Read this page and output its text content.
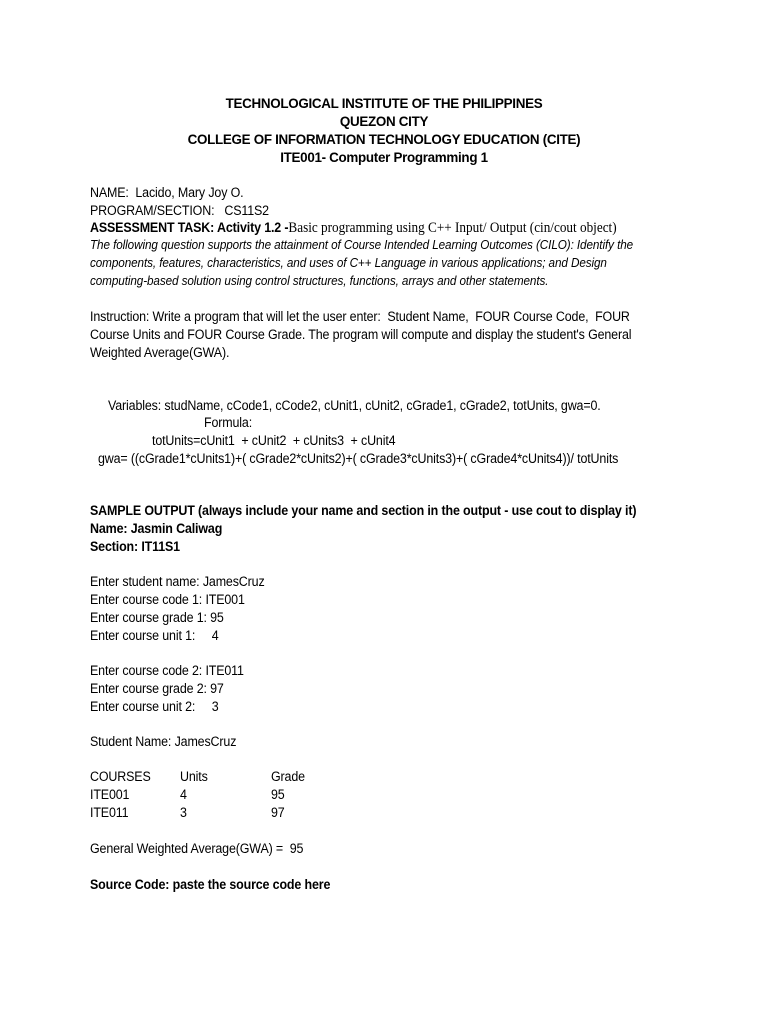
TECHNOLOGICAL INSTITUTE OF THE PHILIPPINES
QUEZON CITY
COLLEGE OF INFORMATION TECHNOLOGY EDUCATION (CITE)
ITE001- Computer Programming 1
NAME:  Lacido, Mary Joy O.
PROGRAM/SECTION:   CS11S2
ASSESSMENT TASK: Activity 1.2 -Basic programming using C++ Input/ Output (cin/cout object)
The following question supports the attainment of Course Intended Learning Outcomes (CILO): Identify the
components, features, characteristics, and uses of C++ Language in various applications; and Design
computing-based solution using control structures, functions, arrays and other statements.
Instruction: Write a program that will let the user enter:  Student Name,  FOUR Course Code,  FOUR
Course Units and FOUR Course Grade. The program will compute and display the student's General
Weighted Average(GWA).
Variables: studName, cCode1, cCode2, cUnit1, cUnit2, cGrade1, cGrade2, totUnits, gwa=0.
Formula:
totUnits=cUnit1  + cUnit2  + cUnits3  + cUnit4
gwa= ((cGrade1*cUnits1)+( cGrade2*cUnits2)+( cGrade3*cUnits3)+( cGrade4*cUnits4))/ totUnits
SAMPLE OUTPUT (always include your name and section in the output - use cout to display it)
Name: Jasmin Caliwag
Section: IT11S1
Enter student name: JamesCruz
Enter course code 1: ITE001
Enter course grade 1: 95
Enter course unit 1:     4
Enter course code 2: ITE011
Enter course grade 2: 97
Enter course unit 2:     3
Student Name: JamesCruz
COURSES Units	Grade
ITE001	4	95
ITE011	3	97
General Weighted Average(GWA) =  95
Source Code: paste the source code here
